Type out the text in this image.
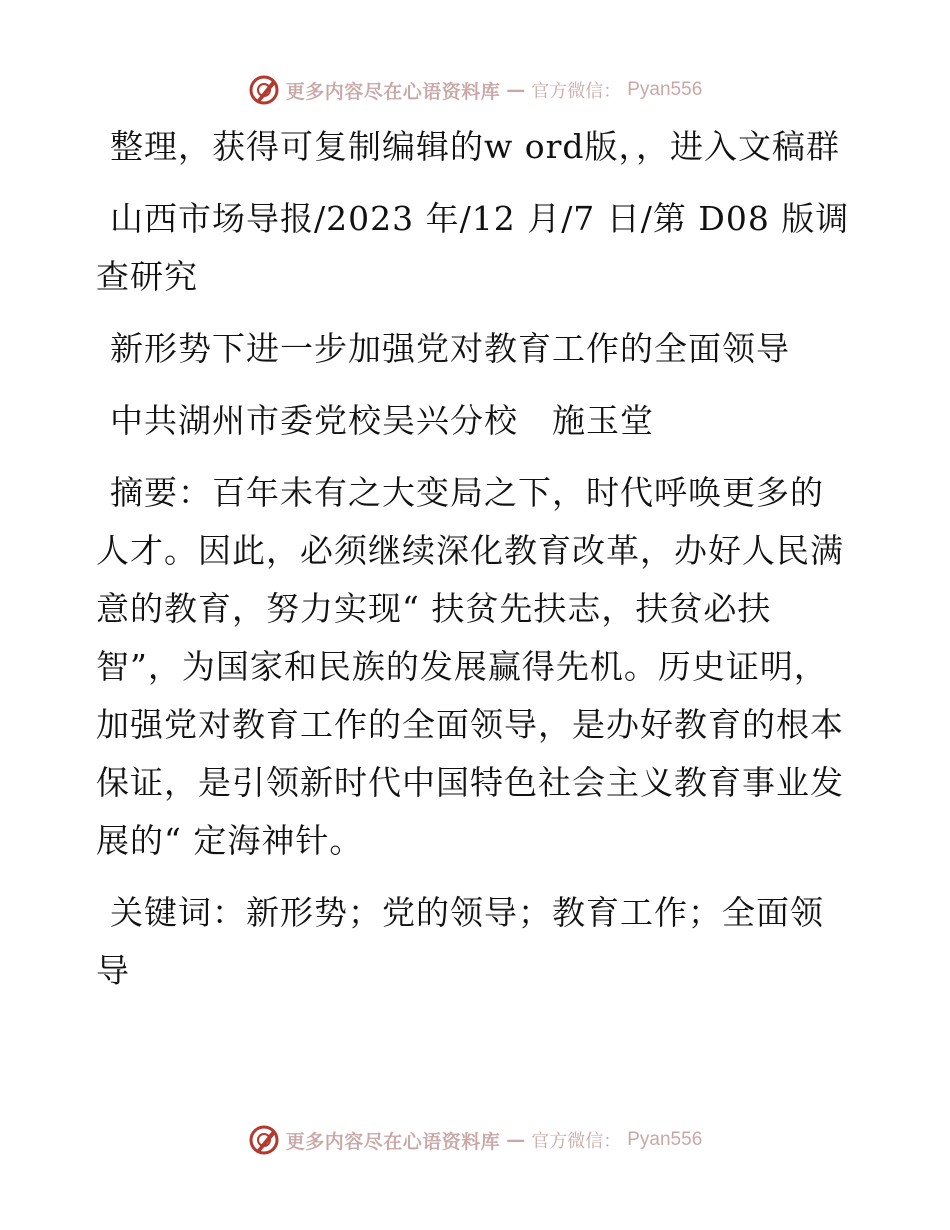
更多内容尽在心语资料库 — 官方微信： Pyan556

整理，获得可复制编辑的w ord版，，进入文稿群

山西市场导报/2023 年/12 月/7 日/第 D08 版调查研究

新形势下进一步加强党对教育工作的全面领导

中共湖州市委党校吴兴分校　施玉堂

摘要：百年未有之大变局之下，时代呼唤更多的人才。因此，必须继续深化教育改革，办好人民满意的教育，努力实现“ 扶贫先扶志，扶贫必扶智”，为国家和民族的发展赢得先机。历史证明，加强党对教育工作的全面领导，是办好教育的根本保证，是引领新时代中国特色社会主义教育事业发展的“ 定海神针。

关键词：新形势；党的领导；教育工作；全面领导

更多内容尽在心语资料库 — 官方微信： Pyan556
